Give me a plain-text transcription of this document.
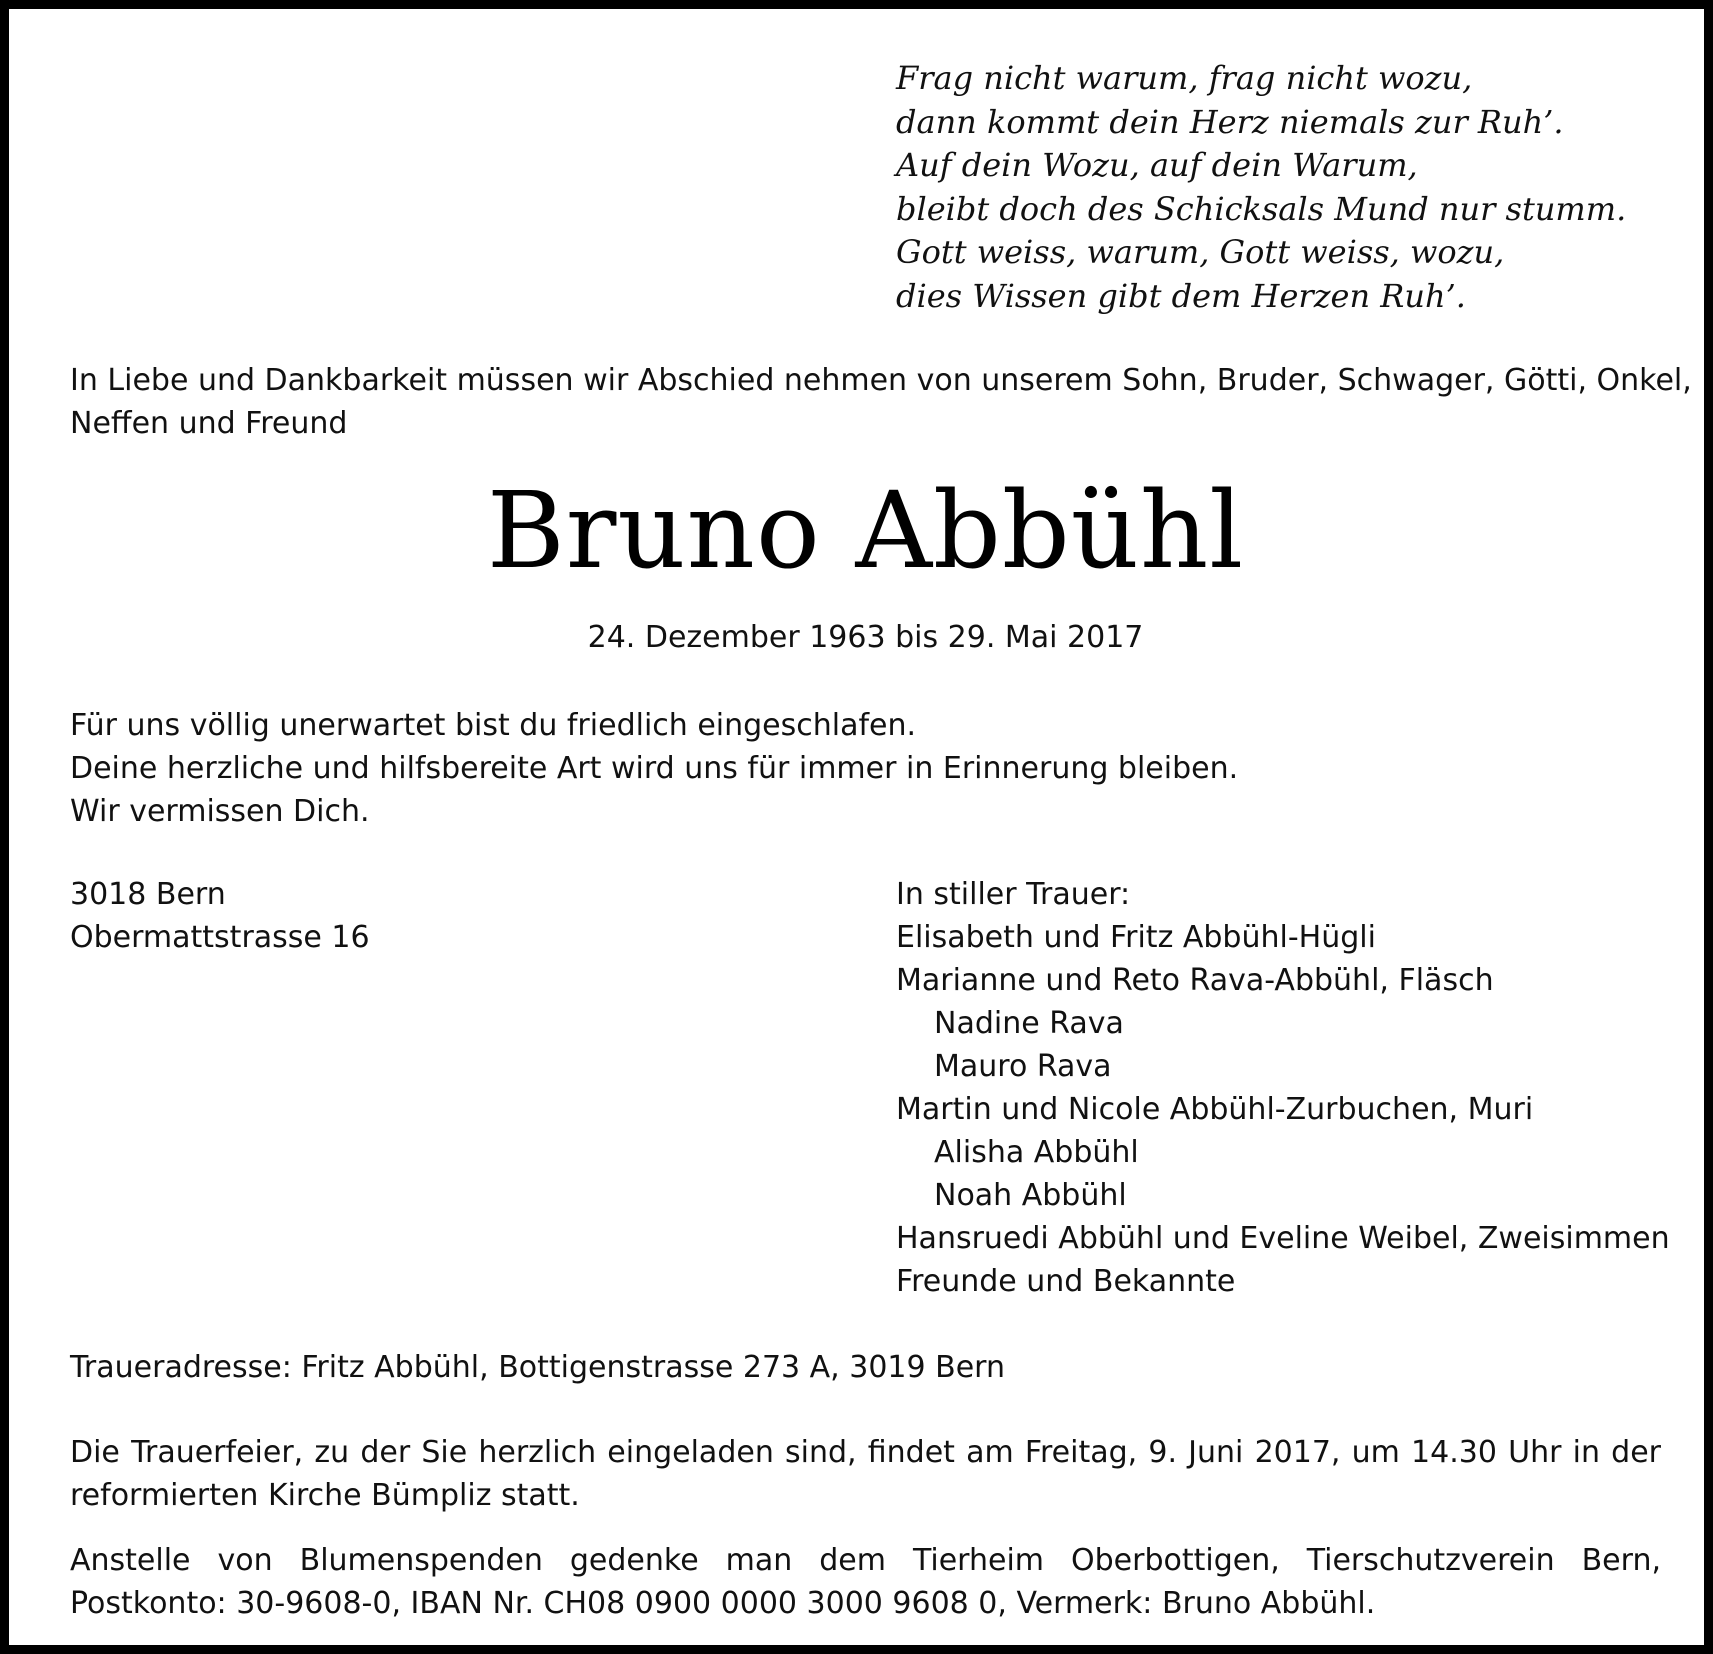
Frag nicht warum, frag nicht wozu,
dann kommt dein Herz niemals zur Ruh’.
Auf dein Wozu, auf dein Warum,
bleibt doch des Schicksals Mund nur stumm.
Gott weiss, warum, Gott weiss, wozu,
dies Wissen gibt dem Herzen Ruh’.
In Liebe und Dankbarkeit müssen wir Abschied nehmen von unserem Sohn, Bruder, Schwager, Götti, Onkel,
Neffen und Freund
Bruno Abbühl
24. Dezember 1963 bis 29. Mai 2017
Für uns völlig unerwartet bist du friedlich eingeschlafen.
Deine herzliche und hilfsbereite Art wird uns für immer in Erinnerung bleiben.
Wir vermissen Dich.
3018 Bern
Obermattstrasse 16
In stiller Trauer:
Elisabeth und Fritz Abbühl-Hügli
Marianne und Reto Rava-Abbühl, Fläsch
Nadine Rava
Mauro Rava
Martin und Nicole Abbühl-Zurbuchen, Muri
Alisha Abbühl
Noah Abbühl
Hansruedi Abbühl und Eveline Weibel, Zweisimmen
Freunde und Bekannte
Traueradresse: Fritz Abbühl, Bottigenstrasse 273 A, 3019 Bern
Die Trauerfeier, zu der Sie herzlich eingeladen sind, findet am Freitag, 9. Juni 2017, um 14.30 Uhr in der reformierten Kirche Bümpliz statt.
Anstelle von Blumenspenden gedenke man dem Tierheim Oberbottigen, Tierschutzverein Bern, Postkonto: 30-9608-0, IBAN Nr. CH08 0900 0000 3000 9608 0, Vermerk: Bruno Abbühl.
